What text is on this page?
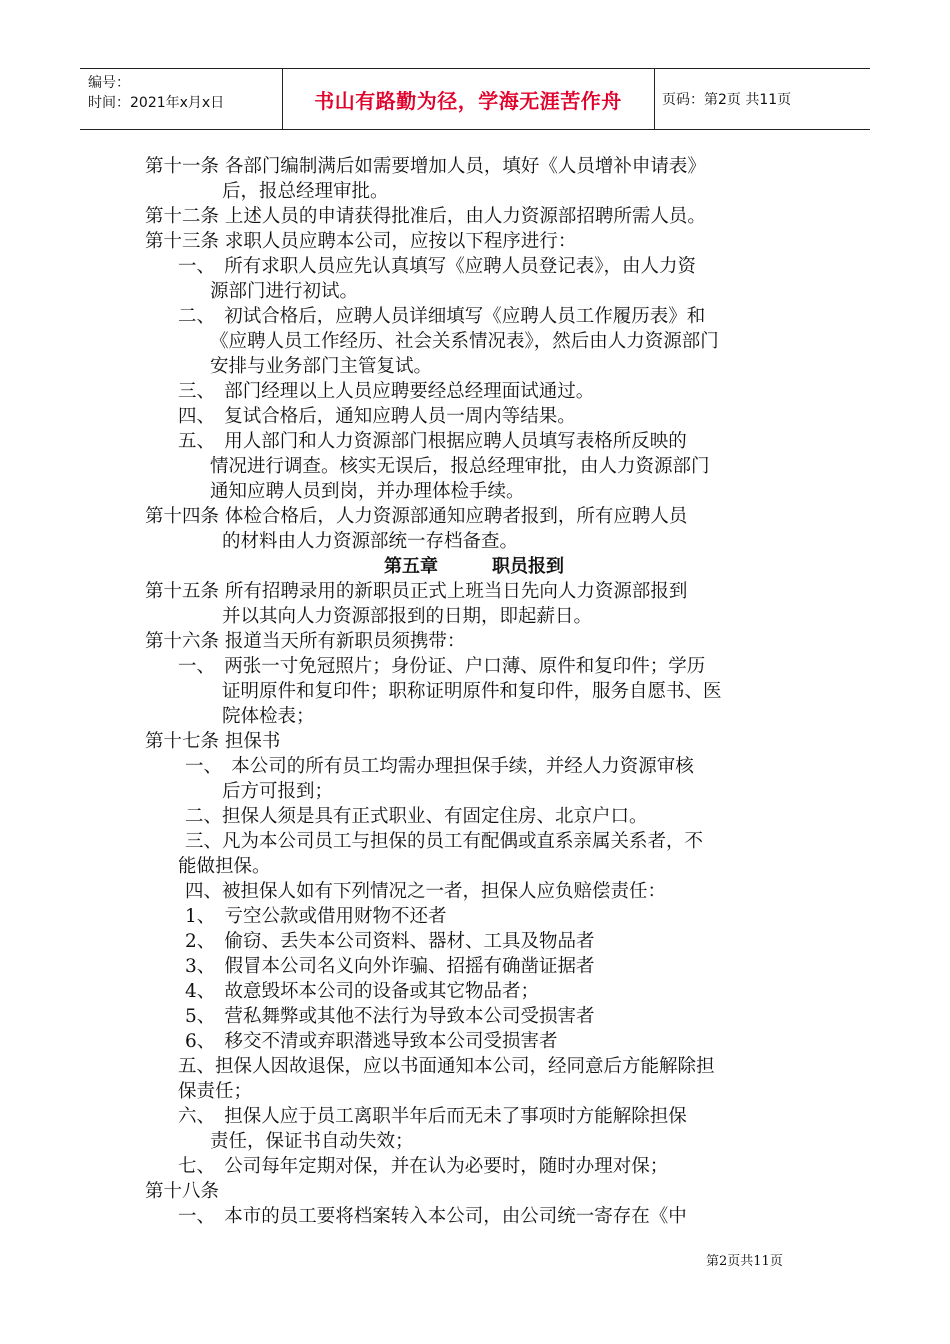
编号：
时间：2021年x月x日	书山有路勤为径，学海无涯苦作舟	页码：第2页 共11页
第十一条 各部门编制满后如需要增加人员，填好《人员增补申请表》
后，报总经理审批。
第十二条 上述人员的申请获得批准后，由人力资源部招聘所需人员。
第十三条 求职人员应聘本公司，应按以下程序进行：
一、　所有求职人员应先认真填写《应聘人员登记表》，由人力资
源部门进行初试。
二、　初试合格后，应聘人员详细填写《应聘人员工作履历表》和
《应聘人员工作经历、社会关系情况表》，然后由人力资源部门
安排与业务部门主管复试。
三、　部门经理以上人员应聘要经总经理面试通过。
四、　复试合格后，通知应聘人员一周内等结果。
五、　用人部门和人力资源部门根据应聘人员填写表格所反映的
情况进行调查。核实无误后，报总经理审批，由人力资源部门
通知应聘人员到岗，并办理体检手续。
第十四条 体检合格后，人力资源部通知应聘者报到，所有应聘人员
的材料由人力资源部统一存档备查。
第五章　　　职员报到
第十五条 所有招聘录用的新职员正式上班当日先向人力资源部报到
并以其向人力资源部报到的日期，即起薪日。
第十六条 报道当天所有新职员须携带：
一、　两张一寸免冠照片；身份证、户口薄、原件和复印件；学历
证明原件和复印件；职称证明原件和复印件，服务自愿书、医
院体检表；
第十七条 担保书
一、　本公司的所有员工均需办理担保手续，并经人力资源审核
后方可报到；
二、担保人须是具有正式职业、有固定住房、北京户口。
三、凡为本公司员工与担保的员工有配偶或直系亲属关系者，不
能做担保。
四、被担保人如有下列情况之一者，担保人应负赔偿责任：
1、　亏空公款或借用财物不还者
2、　偷窃、丢失本公司资料、器材、工具及物品者
3、　假冒本公司名义向外诈骗、招摇有确凿证据者
4、　故意毁坏本公司的设备或其它物品者；
5、　营私舞弊或其他不法行为导致本公司受损害者
6、　移交不清或弃职潜逃导致本公司受损害者
五、担保人因故退保，应以书面通知本公司，经同意后方能解除担
保责任；
六、　担保人应于员工离职半年后而无未了事项时方能解除担保
责任，保证书自动失效；
七、　公司每年定期对保，并在认为必要时，随时办理对保；
第十八条
一、　本市的员工要将档案转入本公司，由公司统一寄存在《中
第2页共11页
